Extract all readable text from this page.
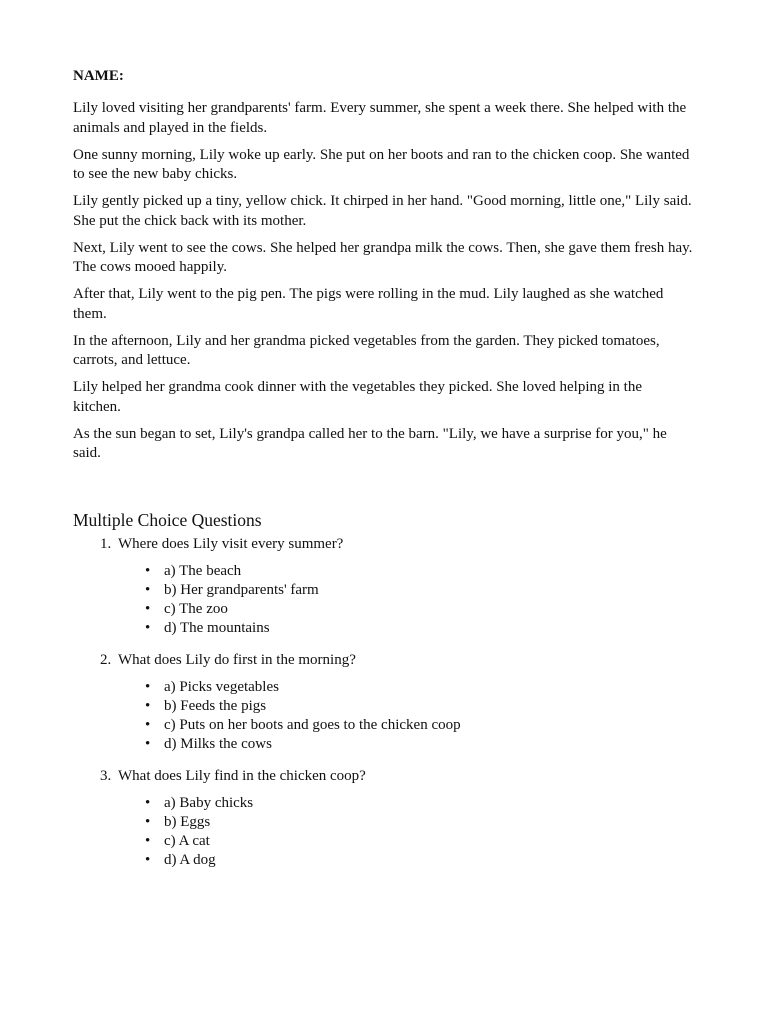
NAME:

Lily loved visiting her grandparents' farm. Every summer, she spent a week there. She helped with the animals and played in the fields.

One sunny morning, Lily woke up early. She put on her boots and ran to the chicken coop. She wanted to see the new baby chicks.

Lily gently picked up a tiny, yellow chick. It chirped in her hand. "Good morning, little one," Lily said. She put the chick back with its mother.

Next, Lily went to see the cows. She helped her grandpa milk the cows. Then, she gave them fresh hay. The cows mooed happily.

After that, Lily went to the pig pen. The pigs were rolling in the mud. Lily laughed as she watched them.

In the afternoon, Lily and her grandma picked vegetables from the garden. They picked tomatoes, carrots, and lettuce.

Lily helped her grandma cook dinner with the vegetables they picked. She loved helping in the kitchen.

As the sun began to set, Lily's grandpa called her to the barn. "Lily, we have a surprise for you," he said.

Multiple Choice Questions
1. Where does Lily visit every summer?
• a) The beach
• b) Her grandparents' farm
• c) The zoo
• d) The mountains
2. What does Lily do first in the morning?
• a) Picks vegetables
• b) Feeds the pigs
• c) Puts on her boots and goes to the chicken coop
• d) Milks the cows
3. What does Lily find in the chicken coop?
• a) Baby chicks
• b) Eggs
• c) A cat
• d) A dog
